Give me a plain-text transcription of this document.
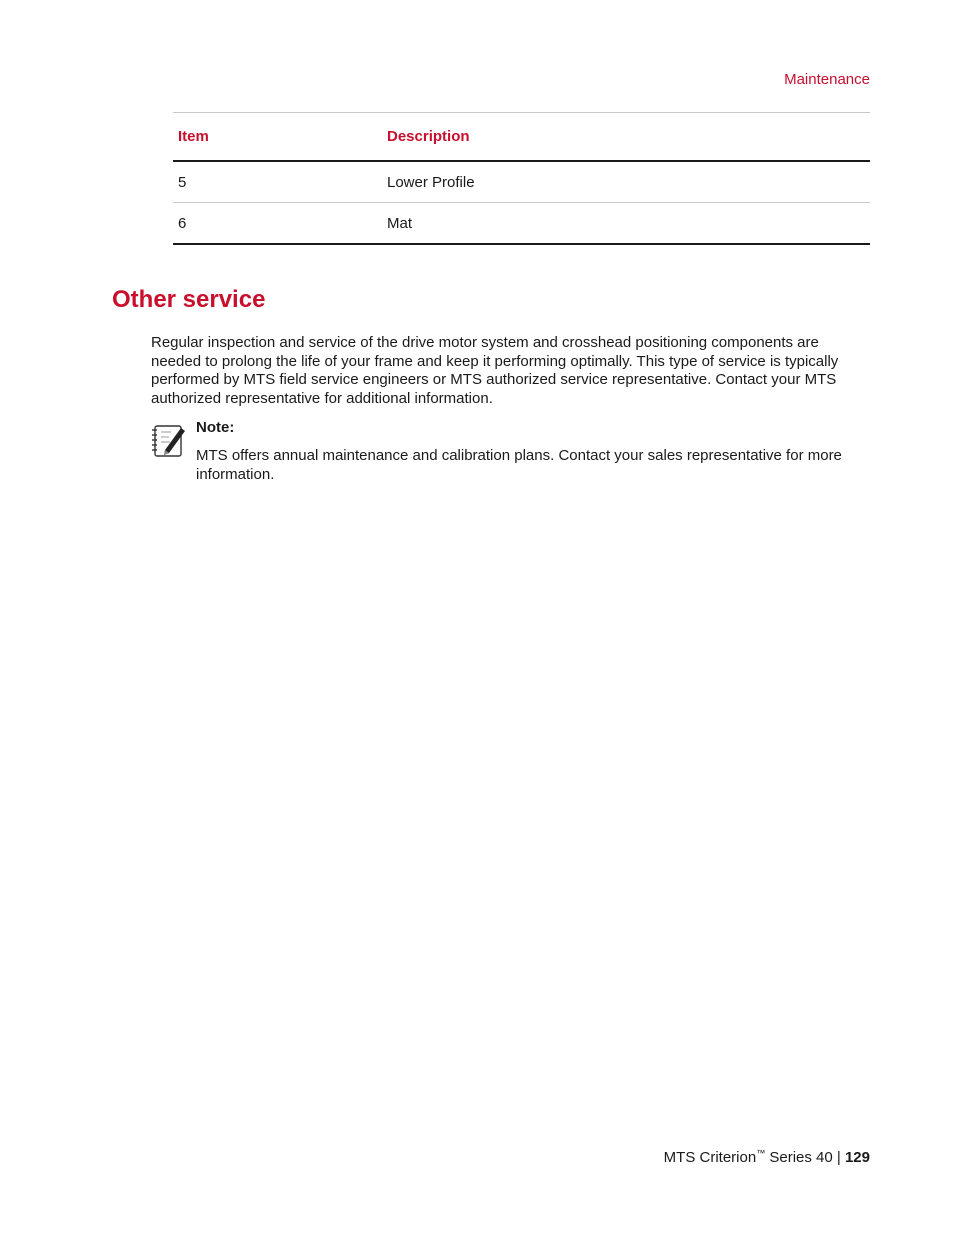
Maintenance
Item	Description
5	Lower Profile
6	Mat
Other service

Regular inspection and service of the drive motor system and crosshead positioning components are needed to prolong the life of your frame and keep it performing optimally. This type of service is typically performed by MTS field service engineers or MTS authorized service representative. Contact your MTS authorized representative for additional information.

Note:

MTS offers annual maintenance and calibration plans. Contact your sales representative for more information.

MTS Criterion™ Series 40 | 129
